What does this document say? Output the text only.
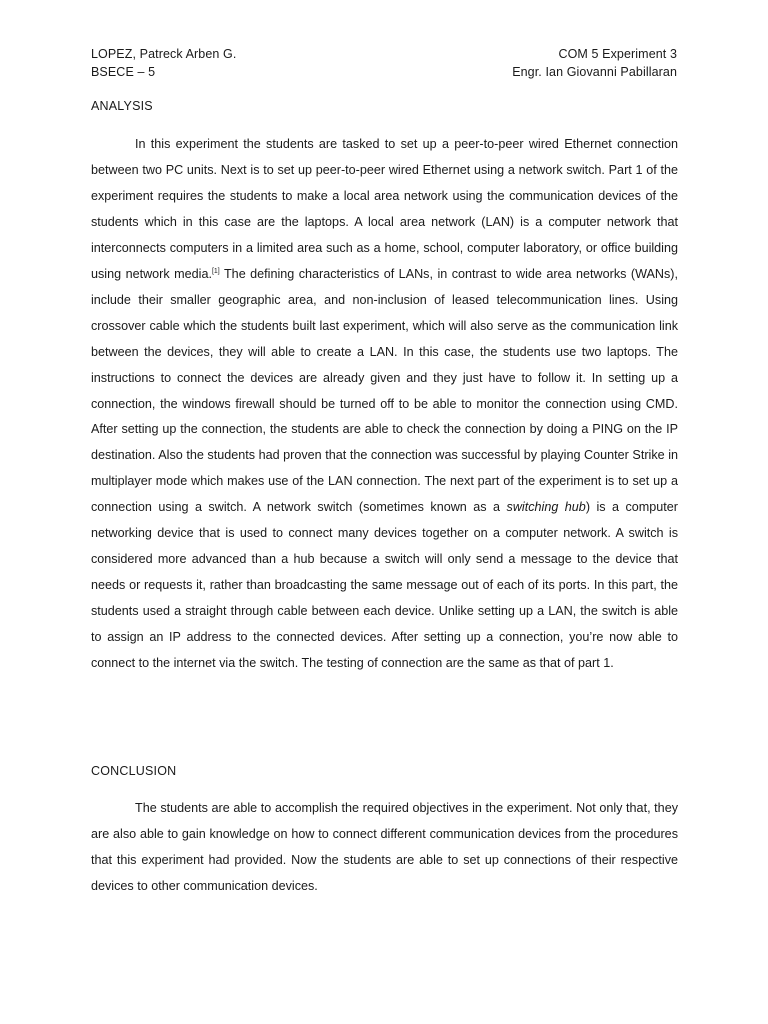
LOPEZ, Patreck Arben G.
BSECE – 5
COM 5 Experiment 3
Engr. Ian Giovanni Pabillaran
ANALYSIS

In this experiment the students are tasked to set up a peer-to-peer wired Ethernet connection between two PC units. Next is to set up peer-to-peer wired Ethernet using a network switch. Part 1 of the experiment requires the students to make a local area network using the communication devices of the students which in this case are the laptops. A local area network (LAN) is a computer network that interconnects computers in a limited area such as a home, school, computer laboratory, or office building using network media.[1] The defining characteristics of LANs, in contrast to wide area networks (WANs), include their smaller geographic area, and non-inclusion of leased telecommunication lines. Using crossover cable which the students built last experiment, which will also serve as the communication link between the devices, they will able to create a LAN. In this case, the students use two laptops. The instructions to connect the devices are already given and they just have to follow it. In setting up a connection, the windows firewall should be turned off to be able to monitor the connection using CMD. After setting up the connection, the students are able to check the connection by doing a PING on the IP destination. Also the students had proven that the connection was successful by playing Counter Strike in multiplayer mode which makes use of the LAN connection. The next part of the experiment is to set up a connection using a switch. A network switch (sometimes known as a switching hub) is a computer networking device that is used to connect many devices together on a computer network. A switch is considered more advanced than a hub because a switch will only send a message to the device that needs or requests it, rather than broadcasting the same message out of each of its ports. In this part, the students used a straight through cable between each device. Unlike setting up a LAN, the switch is able to assign an IP address to the connected devices. After setting up a connection, you’re now able to connect to the internet via the switch. The testing of connection are the same as that of part 1.

CONCLUSION

The students are able to accomplish the required objectives in the experiment. Not only that, they are also able to gain knowledge on how to connect different communication devices from the procedures that this experiment had provided. Now the students are able to set up connections of their respective devices to other communication devices.
